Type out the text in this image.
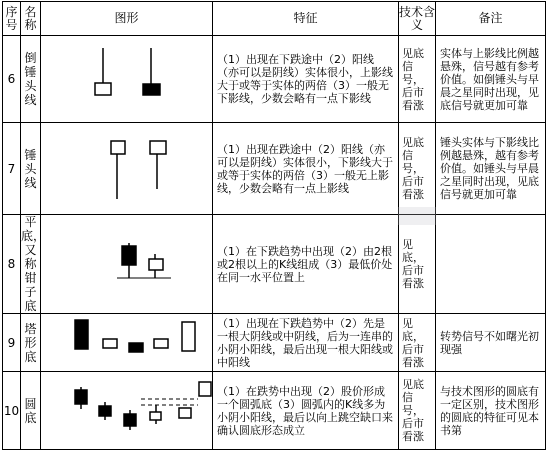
序号	名称	图形	特征	技术含义	备注
6	倒锤头线		（1）出现在下跌途中（2）阳线（亦可以是阴线）实体很小，上影线大于或等于实体的两倍（3）一般无下影线，少数会略有一点下影线	见底信号，后市看涨	实体与上影线比例越悬殊，信号越有参考价值。如倒锤头与早晨之星同时出现，见底信号就更加可靠
7	锤头线		（1）出现在跌途中（2）阳线（亦可以是阴线）实体很小，下影线大于或等于实体的两倍（3）一般无上影线，少数会略有一点上影线	见底信号，后市看涨	锤头实体与下影线比例越悬殊，越有参考价值。如锤头与早晨之星同时出现，见底信号就更加可靠
8	平底，又称钳子底		（1）在下跌趋势中出现（2）由2根或2根以上的K线组成（3）最低价处在同一水平位置上	见底，后市看涨	
9	塔形底		（1）出现在下跌趋势中（2）先是一根大阴线或中阴线，后为一连串的小阴小阳线，最后出现一根大阳线或中阳线	见底，后市看涨	转势信号不如曙光初现强
10	圆底		（1）在跌势中出现（2）股价形成一个圆弧底（3）圆弧内的K线多为小阴小阳线，最后以向上跳空缺口来确认圆底形态成立	见底信号，后市看涨	与技术图形的圆底有一定区别，技术图形的圆底的特征可见本书第
